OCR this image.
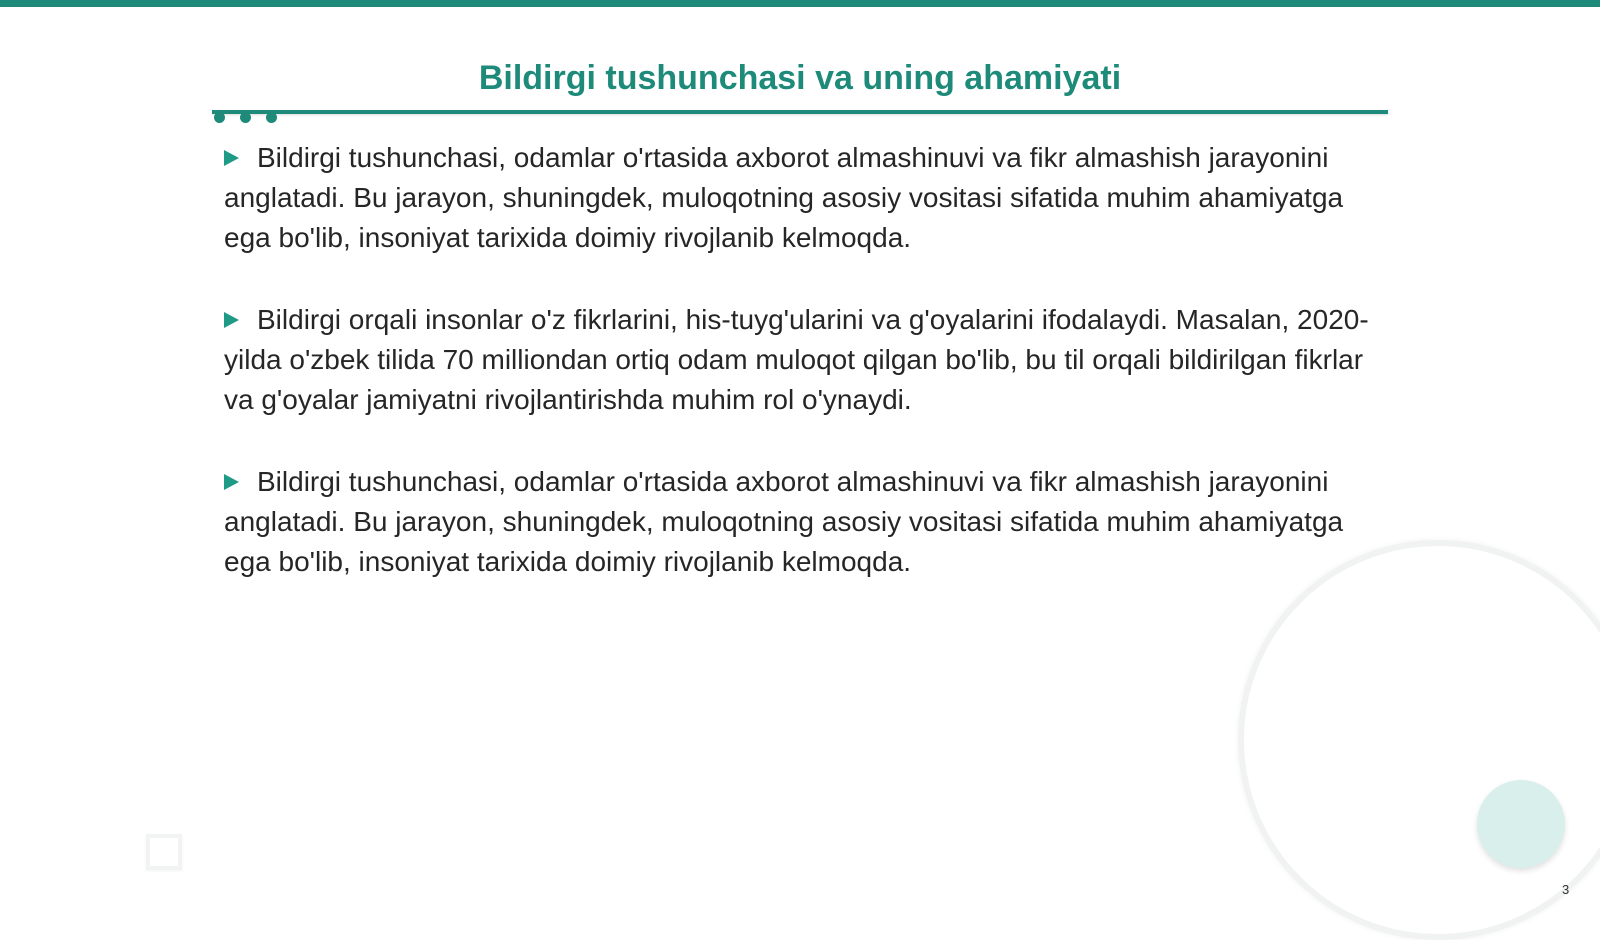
Bildirgi tushunchasi va uning ahamiyati

Bildirgi tushunchasi, odamlar o'rtasida axborot almashinuvi va fikr almashish jarayonini anglatadi. Bu jarayon, shuningdek, muloqotning asosiy vositasi sifatida muhim ahamiyatga ega bo'lib, insoniyat tarixida doimiy rivojlanib kelmoqda.

Bildirgi orqali insonlar o'z fikrlarini, his-tuyg'ularini va g'oyalarini ifodalaydi. Masalan, 2020-yilda o'zbek tilida 70 milliondan ortiq odam muloqot qilgan bo'lib, bu til orqali bildirilgan fikrlar va g'oyalar jamiyatni rivojlantirishda muhim rol o'ynaydi.

Bildirgi tushunchasi, odamlar o'rtasida axborot almashinuvi va fikr almashish jarayonini anglatadi. Bu jarayon, shuningdek, muloqotning asosiy vositasi sifatida muhim ahamiyatga ega bo'lib, insoniyat tarixida doimiy rivojlanib kelmoqda.

3
